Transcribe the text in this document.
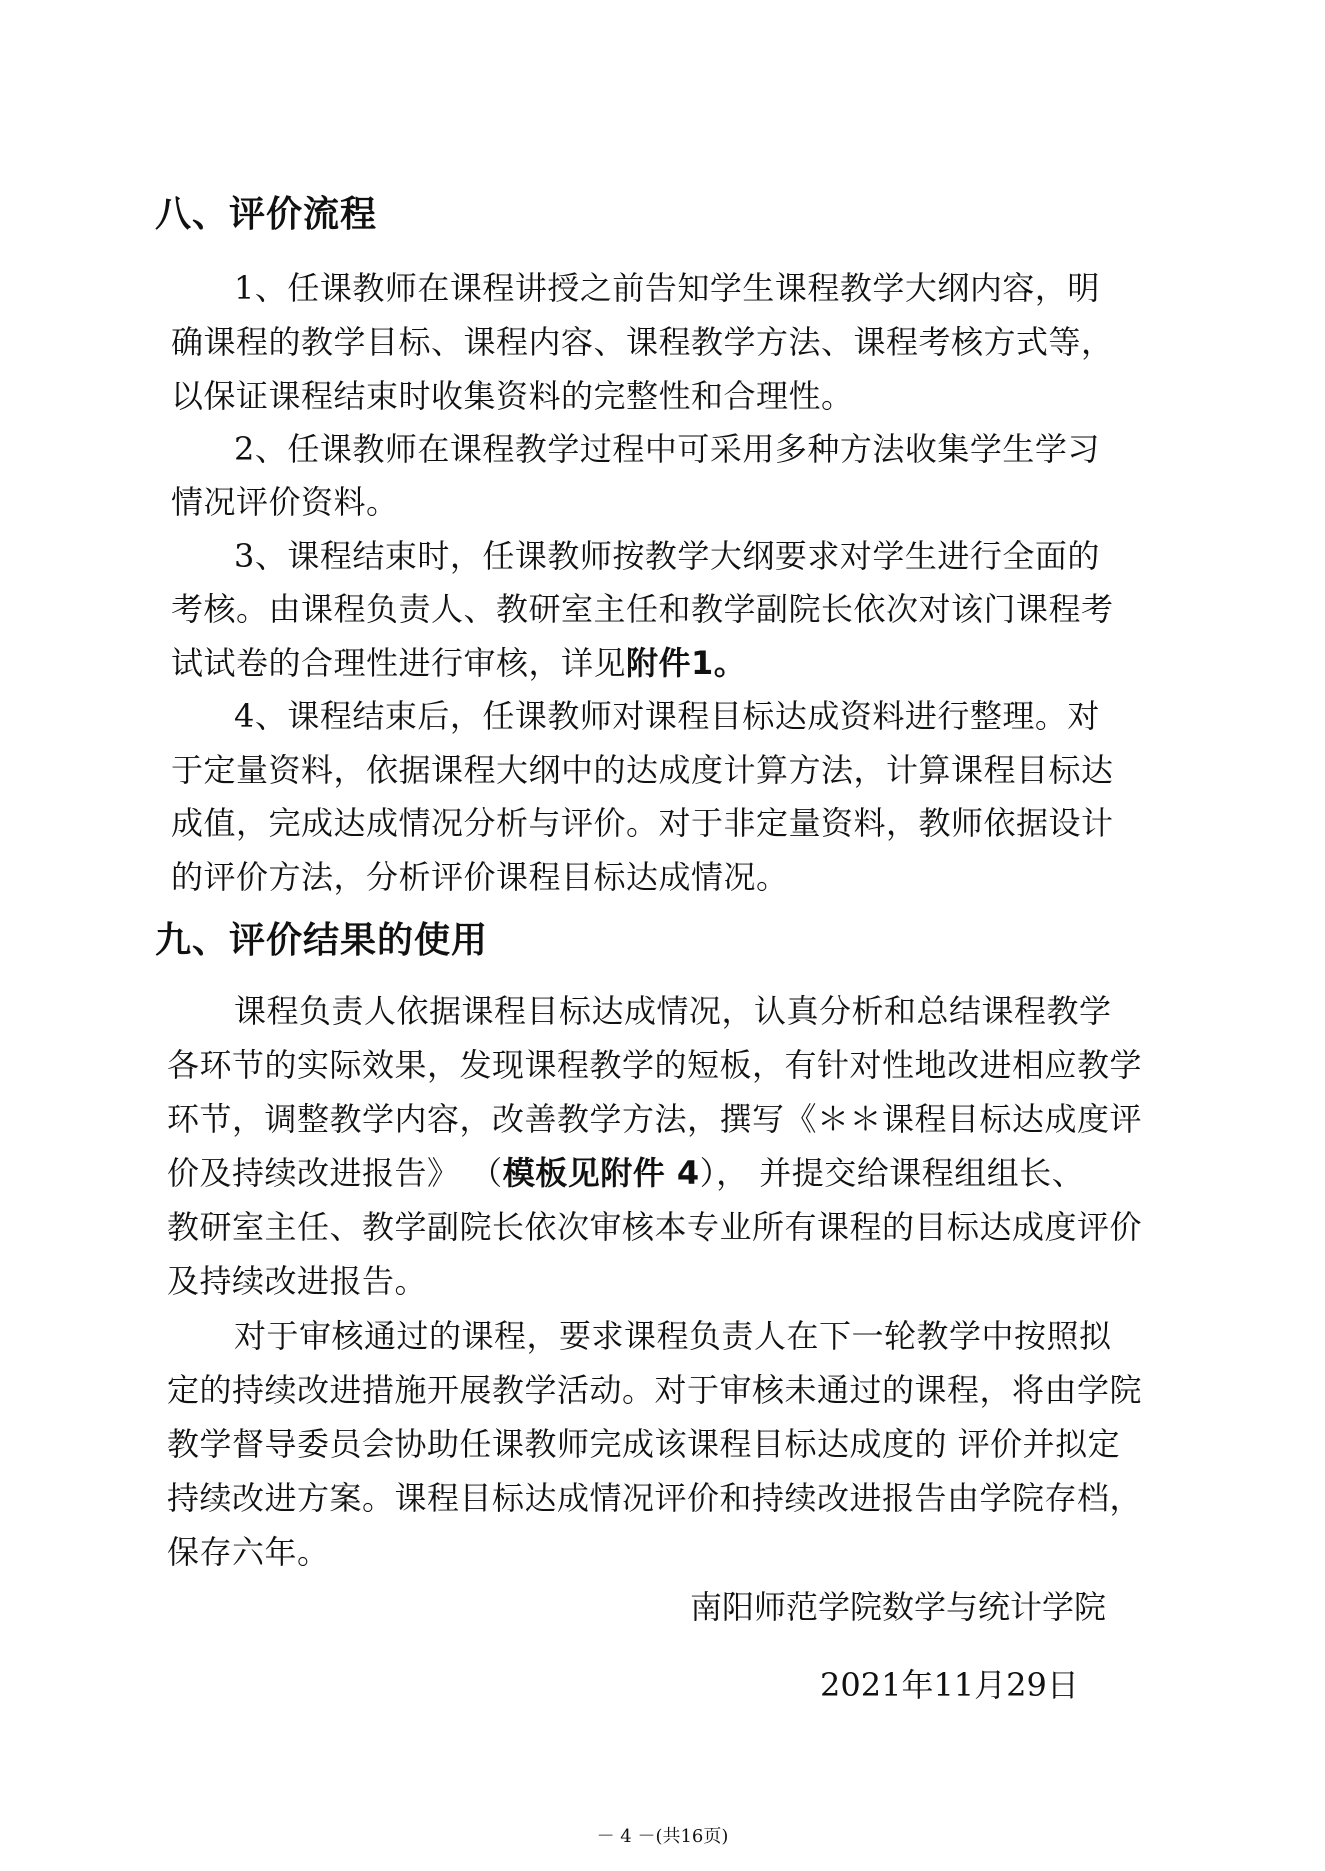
八、评价流程
1、任课教师在课程讲授之前告知学生课程教学大纲内容，明
确课程的教学目标、课程内容、课程教学方法、课程考核方式等，
以保证课程结束时收集资料的完整性和合理性。
2、任课教师在课程教学过程中可采用多种方法收集学生学习
情况评价资料。
3、课程结束时，任课教师按教学大纲要求对学生进行全面的
考核。由课程负责人、教研室主任和教学副院长依次对该门课程考
试试卷的合理性进行审核，详见附件1。
4、课程结束后，任课教师对课程目标达成资料进行整理。对
于定量资料，依据课程大纲中的达成度计算方法，计算课程目标达
成值，完成达成情况分析与评价。对于非定量资料，教师依据设计
的评价方法，分析评价课程目标达成情况。
九、评价结果的使用
课程负责人依据课程目标达成情况，认真分析和总结课程教学
各环节的实际效果，发现课程教学的短板，有针对性地改进相应教学
环节，调整教学内容，改善教学方法，撰写《＊＊课程目标达成度评
价及持续改进报告》 （模板见附件 4）， 并提交给课程组组长、
教研室主任、教学副院长依次审核本专业所有课程的目标达成度评价
及持续改进报告。
对于审核通过的课程，要求课程负责人在下一轮教学中按照拟
定的持续改进措施开展教学活动。对于审核未通过的课程，将由学院
教学督导委员会协助任课教师完成该课程目标达成度的 评价并拟定
持续改进方案。课程目标达成情况评价和持续改进报告由学院存档，
保存六年。
南阳师范学院数学与统计学院
2021年11月29日
－ 4 －(共16页)
